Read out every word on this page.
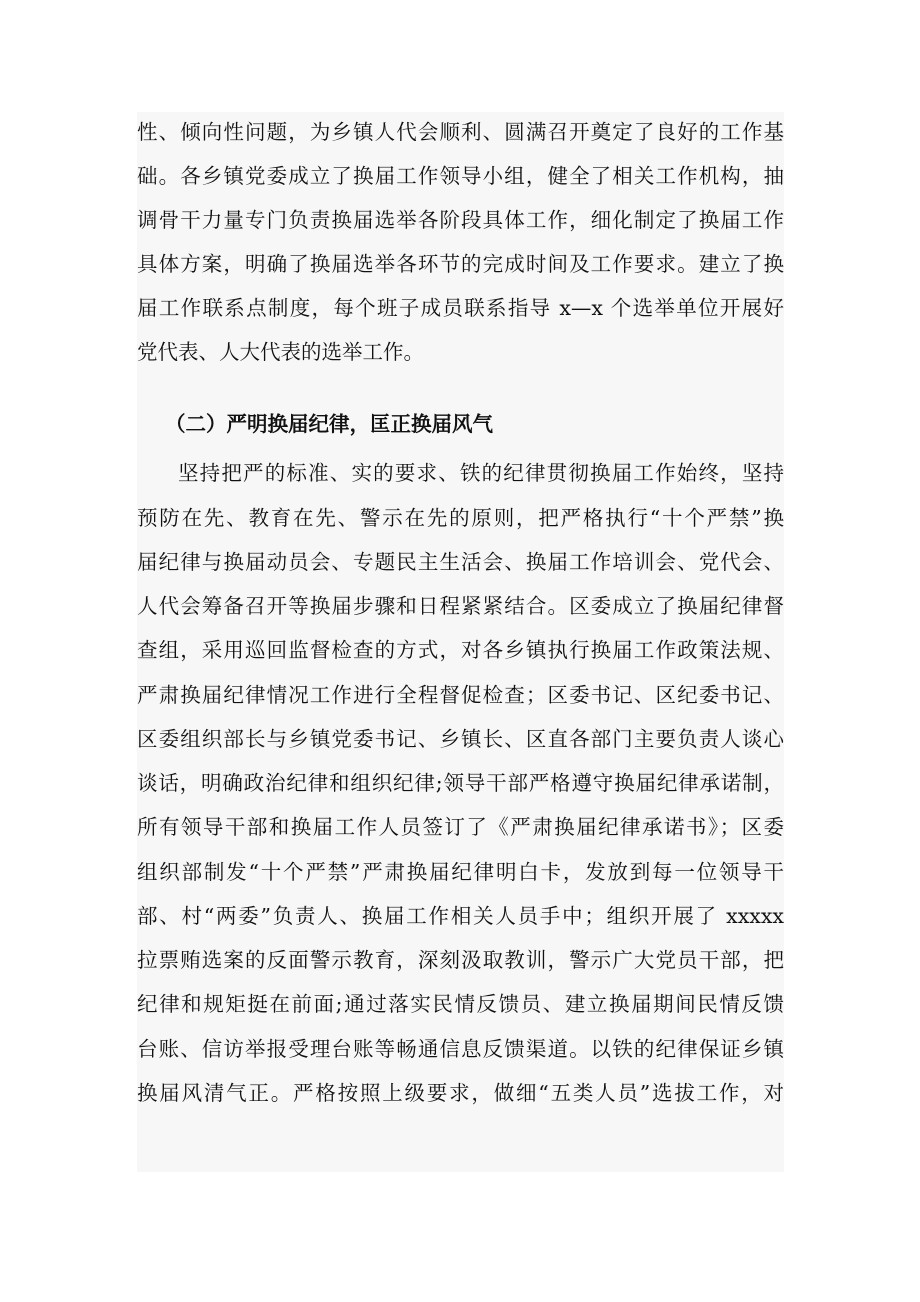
性、倾向性问题，为乡镇人代会顺利、圆满召开奠定了良好的工作基
础。各乡镇党委成立了换届工作领导小组，健全了相关工作机构，抽
调骨干力量专门负责换届选举各阶段具体工作，细化制定了换届工作
具体方案，明确了换届选举各环节的完成时间及工作要求。建立了换
届工作联系点制度，每个班子成员联系指导 x—x 个选举单位开展好
党代表、人大代表的选举工作。
（二）严明换届纪律，匡正换届风气
坚持把严的标准、实的要求、铁的纪律贯彻换届工作始终，坚持
预防在先、教育在先、警示在先的原则，把严格执行“十个严禁”换
届纪律与换届动员会、专题民主生活会、换届工作培训会、党代会、
人代会筹备召开等换届步骤和日程紧紧结合。区委成立了换届纪律督
查组，采用巡回监督检查的方式，对各乡镇执行换届工作政策法规、
严肃换届纪律情况工作进行全程督促检查；区委书记、区纪委书记、
区委组织部长与乡镇党委书记、乡镇长、区直各部门主要负责人谈心
谈话，明确政治纪律和组织纪律;领导干部严格遵守换届纪律承诺制，
所有领导干部和换届工作人员签订了《严肃换届纪律承诺书》；区委
组织部制发“十个严禁”严肃换届纪律明白卡，发放到每一位领导干
部、村“两委”负责人、换届工作相关人员手中；组织开展了 xxxxx
拉票贿选案的反面警示教育，深刻汲取教训，警示广大党员干部，把
纪律和规矩挺在前面;通过落实民情反馈员、建立换届期间民情反馈
台账、信访举报受理台账等畅通信息反馈渠道。以铁的纪律保证乡镇
换届风清气正。严格按照上级要求，做细“五类人员”选拔工作，对
